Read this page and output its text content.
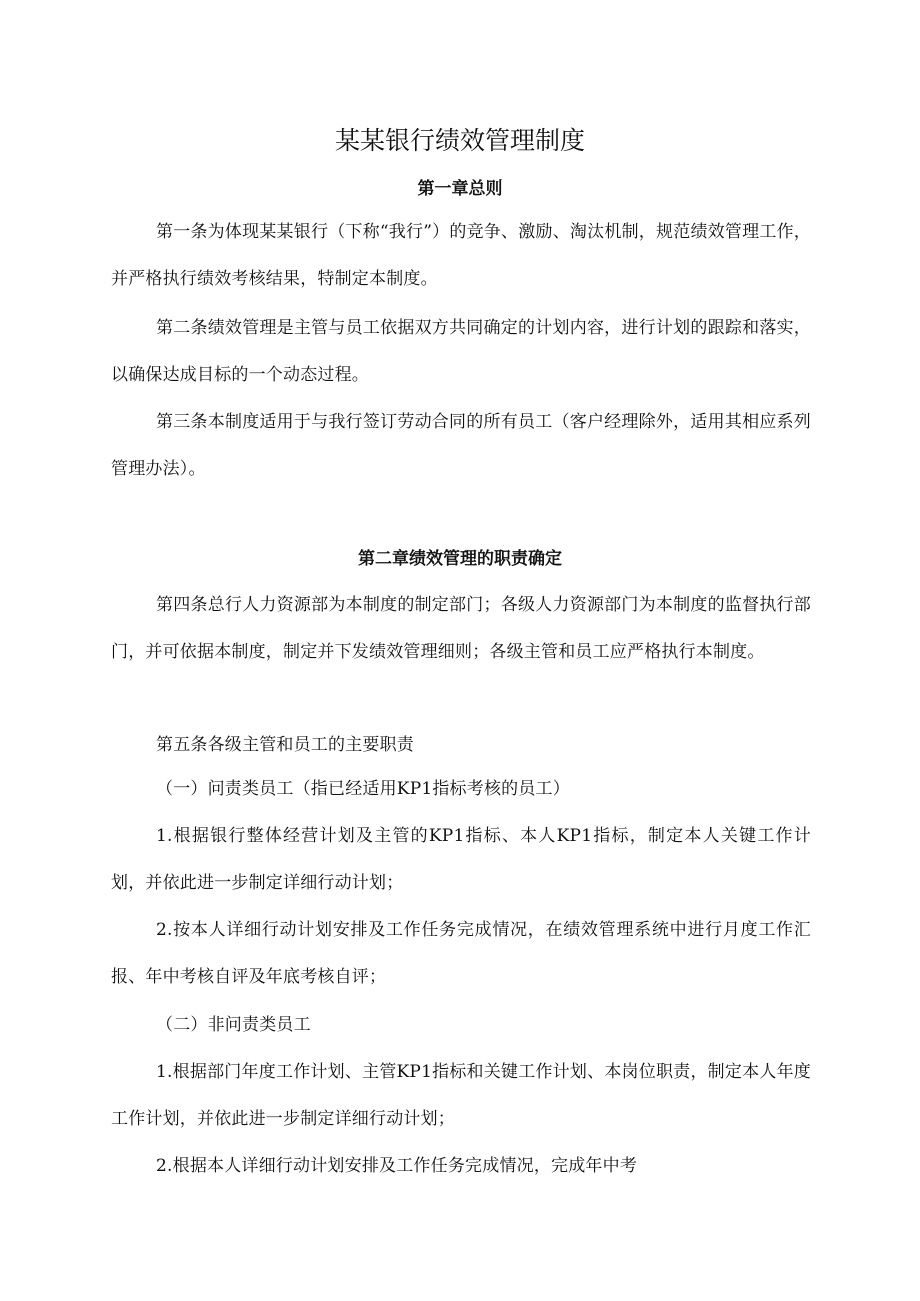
某某银行绩效管理制度
第一章总则
第一条为体现某某银行（下称“我行”）的竞争、激励、淘汰机制，规范绩效管理工作，并严格执行绩效考核结果，特制定本制度。
第二条绩效管理是主管与员工依据双方共同确定的计划内容，进行计划的跟踪和落实，以确保达成目标的一个动态过程。
第三条本制度适用于与我行签订劳动合同的所有员工（客户经理除外，适用其相应系列管理办法）。
第二章绩效管理的职责确定
第四条总行人力资源部为本制度的制定部门；各级人力资源部门为本制度的监督执行部门，并可依据本制度，制定并下发绩效管理细则；各级主管和员工应严格执行本制度。
第五条各级主管和员工的主要职责
（一）问责类员工（指已经适用KP1指标考核的员工）
1.根据银行整体经营计划及主管的KP1指标、本人KP1指标，制定本人关键工作计划，并依此进一步制定详细行动计划；
2.按本人详细行动计划安排及工作任务完成情况，在绩效管理系统中进行月度工作汇报、年中考核自评及年底考核自评；
（二）非问责类员工
1.根据部门年度工作计划、主管KP1指标和关键工作计划、本岗位职责，制定本人年度工作计划，并依此进一步制定详细行动计划；
2.根据本人详细行动计划安排及工作任务完成情况，完成年中考
